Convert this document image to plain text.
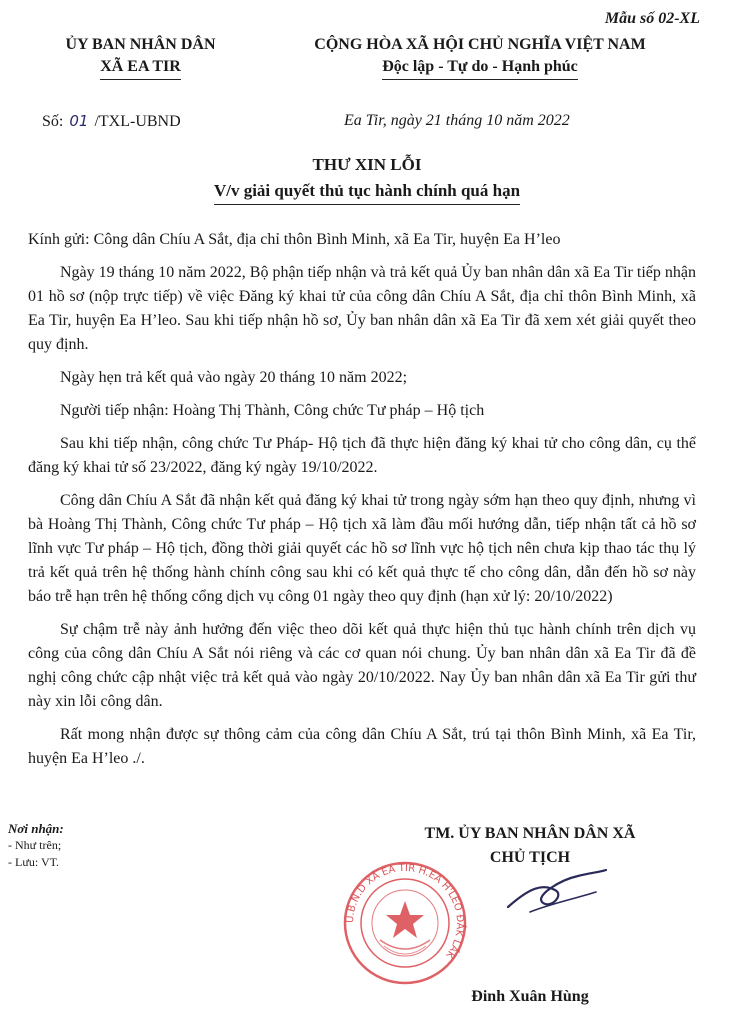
Mẫu số 02-XL
ỦY BAN NHÂN DÂN
XÃ EA TIR
CỘNG HÒA XÃ HỘI CHỦ NGHĨA VIỆT NAM
Độc lập - Tự do - Hạnh phúc
Số: 01 /TXL-UBND	Ea Tir, ngày 21 tháng 10 năm 2022
THƯ XIN LỖI
V/v giải quyết thủ tục hành chính quá hạn

Kính gửi: Công dân Chíu A Sắt, địa chỉ thôn Bình Minh, xã Ea Tir, huyện Ea H’leo

Ngày 19 tháng 10 năm 2022, Bộ phận tiếp nhận và trả kết quả Ủy ban nhân dân xã Ea Tir tiếp nhận 01 hồ sơ (nộp trực tiếp) về việc Đăng ký khai tử của công dân Chíu A Sắt, địa chỉ thôn Bình Minh, xã Ea Tir, huyện Ea H’leo. Sau khi tiếp nhận hồ sơ, Ủy ban nhân dân xã Ea Tir đã xem xét giải quyết theo quy định.

Ngày hẹn trả kết quả vào ngày 20 tháng 10 năm 2022;

Người tiếp nhận: Hoàng Thị Thành, Công chức Tư pháp – Hộ tịch

Sau khi tiếp nhận, công chức Tư Pháp- Hộ tịch đã thực hiện đăng ký khai tử cho công dân, cụ thể đăng ký khai tử số 23/2022, đăng ký ngày 19/10/2022.

Công dân Chíu A Sắt đã nhận kết quả đăng ký khai tử trong ngày sớm hạn theo quy định, nhưng vì bà Hoàng Thị Thành, Công chức Tư pháp – Hộ tịch xã làm đầu mối hướng dẫn, tiếp nhận tất cả hồ sơ lĩnh vực Tư pháp – Hộ tịch, đồng thời giải quyết các hồ sơ lĩnh vực hộ tịch nên chưa kịp thao tác thụ lý trả kết quả trên hệ thống hành chính công sau khi có kết quả thực tế cho công dân, dẫn đến hồ sơ này báo trễ hạn trên hệ thống cổng dịch vụ công 01 ngày theo quy định (hạn xử lý: 20/10/2022)

Sự chậm trễ này ảnh hưởng đến việc theo dõi kết quả thực hiện thủ tục hành chính trên dịch vụ công của công dân Chíu A Sắt nói riêng và các cơ quan nói chung. Ủy ban nhân dân xã Ea Tir đã đề nghị công chức cập nhật việc trả kết quả vào ngày 20/10/2022. Nay Ủy ban nhân dân xã Ea Tir gửi thư này xin lỗi công dân.

Rất mong nhận được sự thông cảm của công dân Chíu A Sắt, trú tại thôn Bình Minh, xã Ea Tir, huyện Ea H’leo ./.

Nơi nhận:
- Như trên;
- Lưu: VT.
TM. ỦY BAN NHÂN DÂN XÃ
CHỦ TỊCH
U.B.N.D XÃ EA TIR H.EA H'LEO ĐẮK LẮK
Đinh Xuân Hùng
